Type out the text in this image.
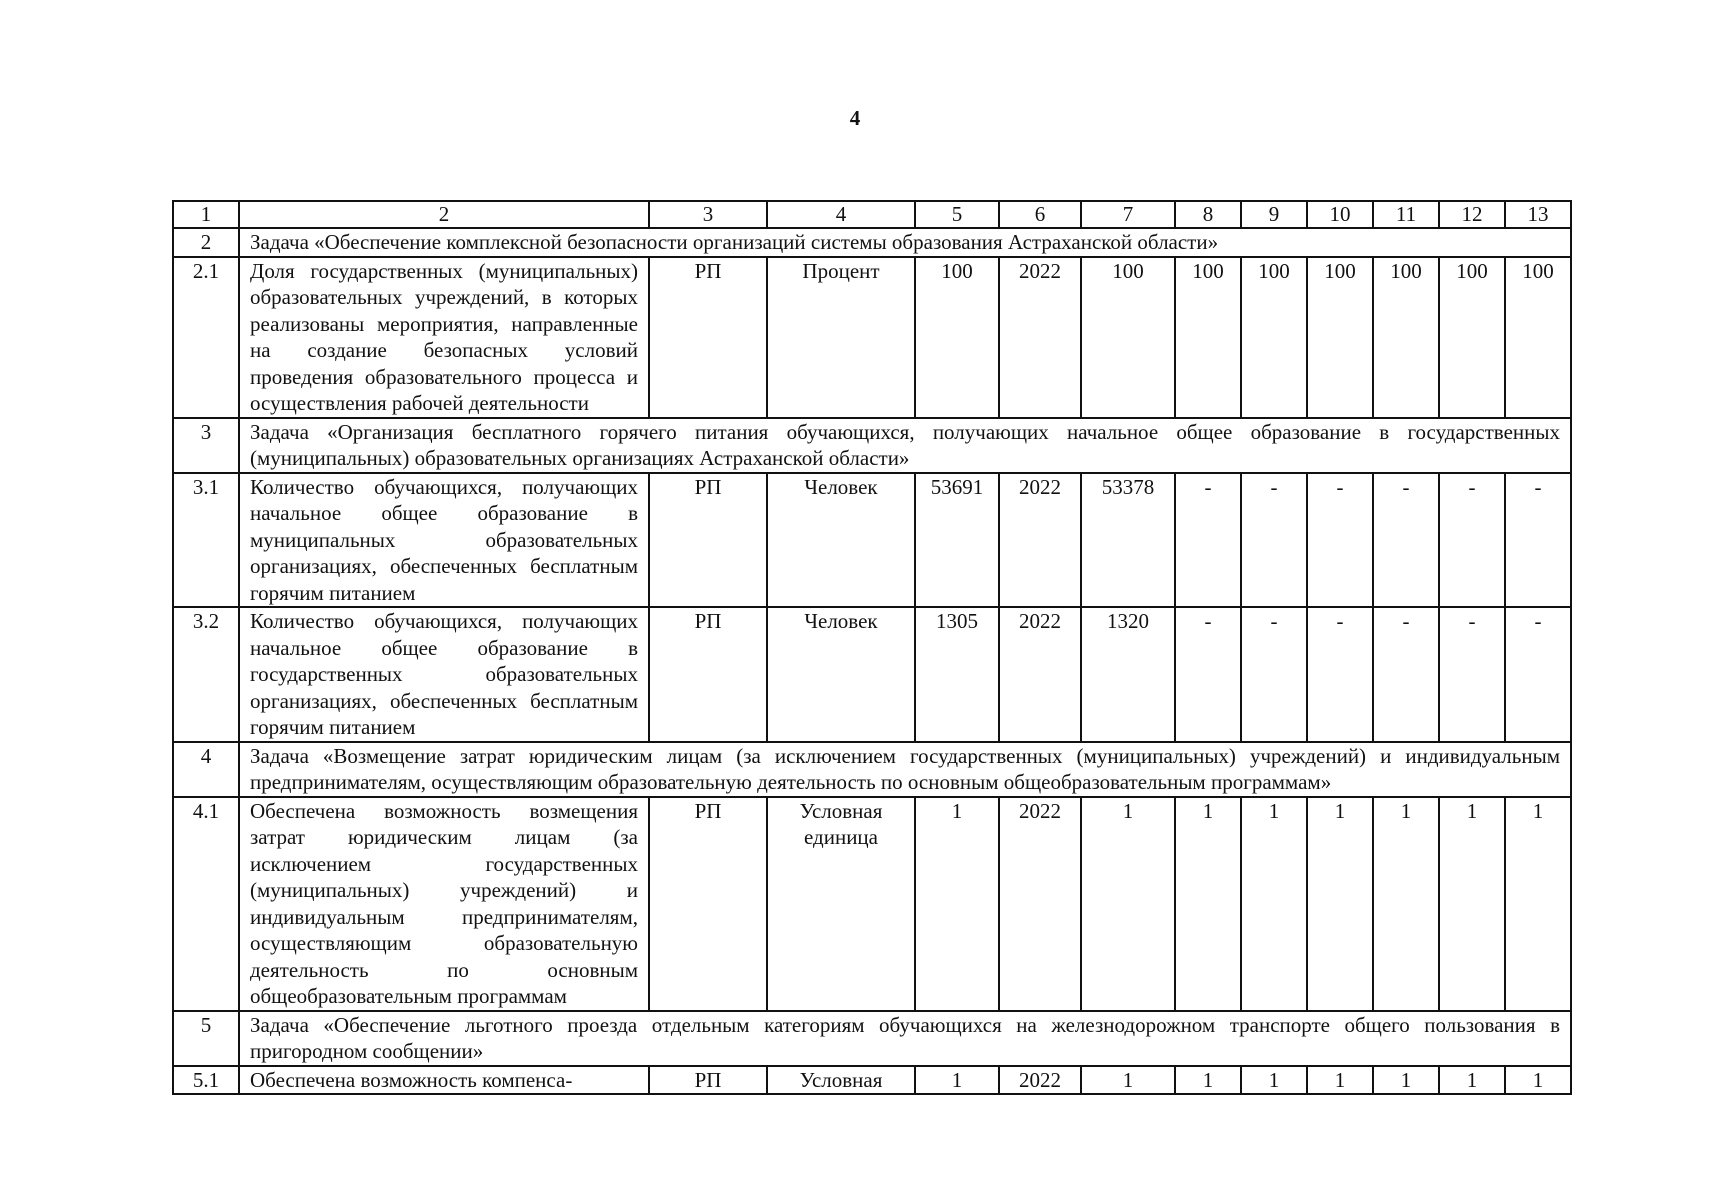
4
1	2	3	4	5	6	7	8	9	10	11	12	13
2	Задача «Обеспечение комплексной безопасности организаций системы образования Астраханской области»											
2.1	Доля государственных (муниципальных) образовательных учреждений, в которых реализованы мероприятия, направленные на создание безопасных условий проведения образовательного процесса и осуществления рабочей деятельности	РП	Процент	100	2022	100	100	100	100	100	100	100
3	Задача «Организация бесплатного горячего питания обучающихся, получающих начальное общее образование в государственных (муниципальных) образовательных организациях Астраханской области»											
3.1	Количество обучающихся, получающих начальное общее образование в муниципальных образовательных организациях, обеспеченных бесплатным горячим питанием	РП	Человек	53691	2022	53378	-	-	-	-	-	-
3.2	Количество обучающихся, получающих начальное общее образование в государственных образовательных организациях, обеспеченных бесплатным горячим питанием	РП	Человек	1305	2022	1320	-	-	-	-	-	-
4	Задача «Возмещение затрат юридическим лицам (за исключением государственных (муниципальных) учреждений) и индивидуальным предпринимателям, осуществляющим образовательную деятельность по основным общеобразовательным программам»											
4.1	Обеспечена возможность возмещения затрат юридическим лицам (за исключением государственных (муниципальных) учреждений) и индивидуальным предпринимателям, осуществляющим образовательную деятельность по основным общеобразовательным программам	РП	Условная единица	1	2022	1	1	1	1	1	1	1
5	Задача «Обеспечение льготного проезда отдельным категориям обучающихся на железнодорожном транспорте общего пользования в пригородном сообщении»											
5.1	Обеспечена возможность компенса-	РП	Условная	1	2022	1	1	1	1	1	1	1
